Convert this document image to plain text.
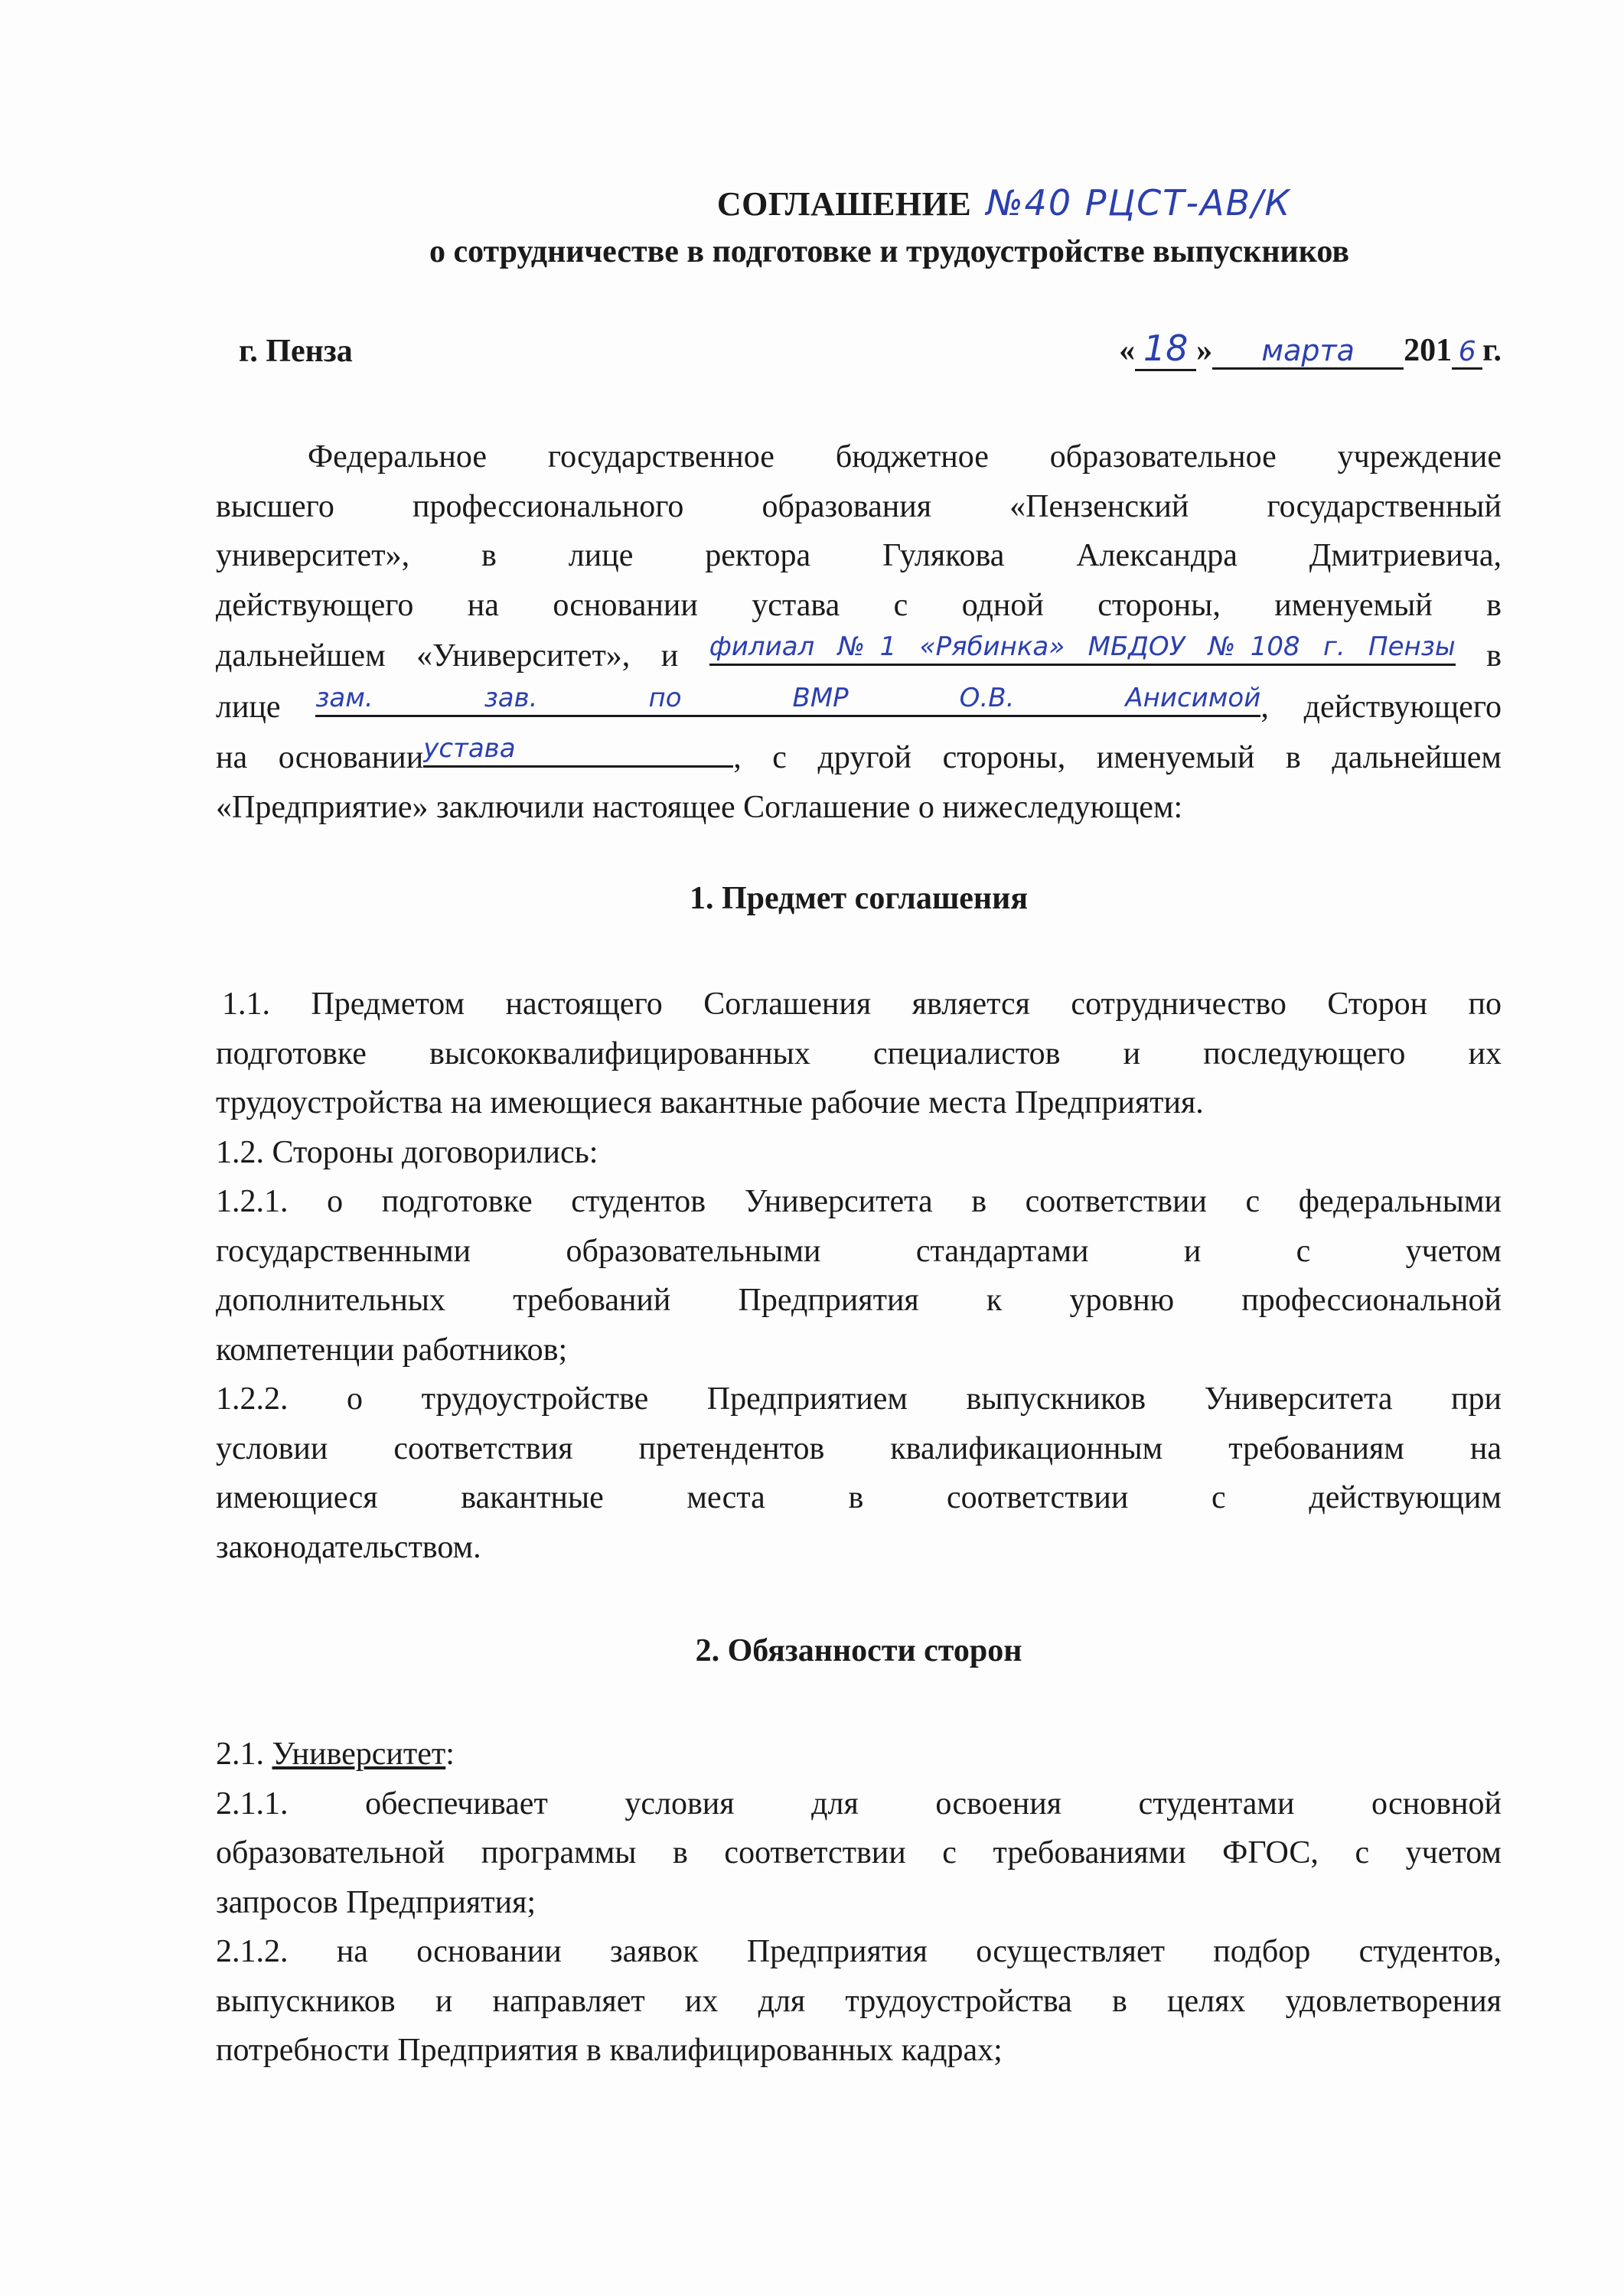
СОГЛАШЕНИЕ №40 РЦСТ-АВ/К
о сотрудничестве в подготовке и трудоустройстве выпускников
г. Пенза	« 18 » марта 201 6 г.
Федеральное государственное бюджетное образовательное учреждение
высшего профессионального образования «Пензенский государственный
университет», в лице ректора Гулякова Александра Дмитриевича,
действующего на основании устава с одной стороны, именуемый в
дальнейшем «Университет», и филиал №1 «Рябинка» МБДОУ №108 г. Пензы в
лице зам. зав. по ВМР О.В. Анисимой, действующего
на основанииустава	, с другой стороны, именуемый в дальнейшем
«Предприятие» заключили настоящее Соглашение о нижеследующем:
1. Предмет соглашения
1.1. Предметом настоящего Соглашения является сотрудничество Сторон по
подготовке высококвалифицированных специалистов и последующего их
трудоустройства на имеющиеся вакантные рабочие места Предприятия.
1.2. Стороны договорились:
1.2.1. о подготовке студентов Университета в соответствии с федеральными
государственными образовательными стандартами и с учетом
дополнительных требований Предприятия к уровню профессиональной
компетенции работников;
1.2.2. о трудоустройстве Предприятием выпускников Университета при
условии соответствия претендентов квалификационным требованиям на
имеющиеся вакантные места в соответствии с действующим
законодательством.
2. Обязанности сторон
2.1. Университет:
2.1.1. обеспечивает условия для освоения студентами основной
образовательной программы в соответствии с требованиями ФГОС, с учетом
запросов Предприятия;
2.1.2. на основании заявок Предприятия осуществляет подбор студентов,
выпускников и направляет их для трудоустройства в целях удовлетворения
потребности Предприятия в квалифицированных кадрах;
